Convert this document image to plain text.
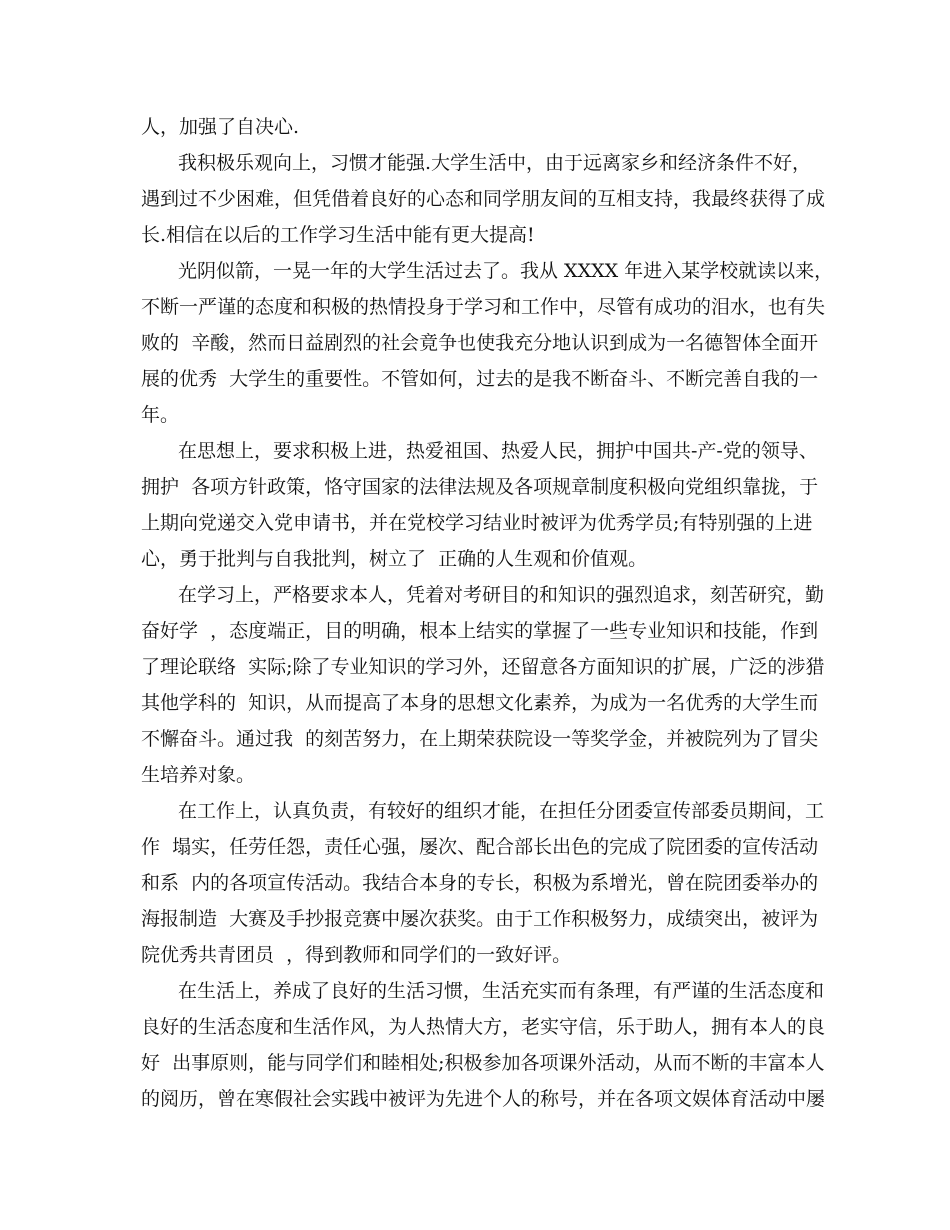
人，加强了自决心.
我积极乐观向上，习惯才能强.大学生活中，由于远离家乡和经济条件不好，
遇到过不少困难，但凭借着良好的心态和同学朋友间的互相支持，我最终获得了成
长.相信在以后的工作学习生活中能有更大提高!
光阴似箭，一晃一年的大学生活过去了。我从 XXXX 年进入某学校就读以来，
不断一严谨的态度和积极的热情投身于学习和工作中，尽管有成功的泪水，也有失
败的  辛酸，然而日益剧烈的社会竟争也使我充分地认识到成为一名德智体全面开
展的优秀  大学生的重要性。不管如何，过去的是我不断奋斗、不断完善自我的一
年。
在思想上，要求积极上进，热爱祖国、热爱人民，拥护中国共-产-党的领导、
拥护  各项方针政策，恪守国家的法律法规及各项规章制度积极向党组织靠拢，于
上期向党递交入党申请书，并在党校学习结业时被评为优秀学员;有特别强的上进
心，勇于批判与自我批判，树立了  正确的人生观和价值观。
在学习上，严格要求本人，凭着对考研目的和知识的强烈追求，刻苦研究，勤
奋好学  ，态度端正，目的明确，根本上结实的掌握了一些专业知识和技能，作到
了理论联络  实际;除了专业知识的学习外，还留意各方面知识的扩展，广泛的涉猎
其他学科的  知识，从而提高了本身的思想文化素养，为成为一名优秀的大学生而
不懈奋斗。通过我  的刻苦努力，在上期荣获院设一等奖学金，并被院列为了冒尖
生培养对象。
在工作上，认真负责，有较好的组织才能，在担任分团委宣传部委员期间，工
作  塌实，任劳任怨，责任心强，屡次、配合部长出色的完成了院团委的宣传活动
和系  内的各项宣传活动。我结合本身的专长，积极为系增光，曾在院团委举办的
海报制造  大赛及手抄报竞赛中屡次获奖。由于工作积极努力，成绩突出，被评为
院优秀共青团员  ，得到教师和同学们的一致好评。
在生活上，养成了良好的生活习惯，生活充实而有条理，有严谨的生活态度和
良好的生活态度和生活作风，为人热情大方，老实守信，乐于助人，拥有本人的良
好  出事原则，能与同学们和睦相处;积极参加各项课外活动，从而不断的丰富本人
的阅历，曾在寒假社会实践中被评为先进个人的称号，并在各项文娱体育活动中屡
